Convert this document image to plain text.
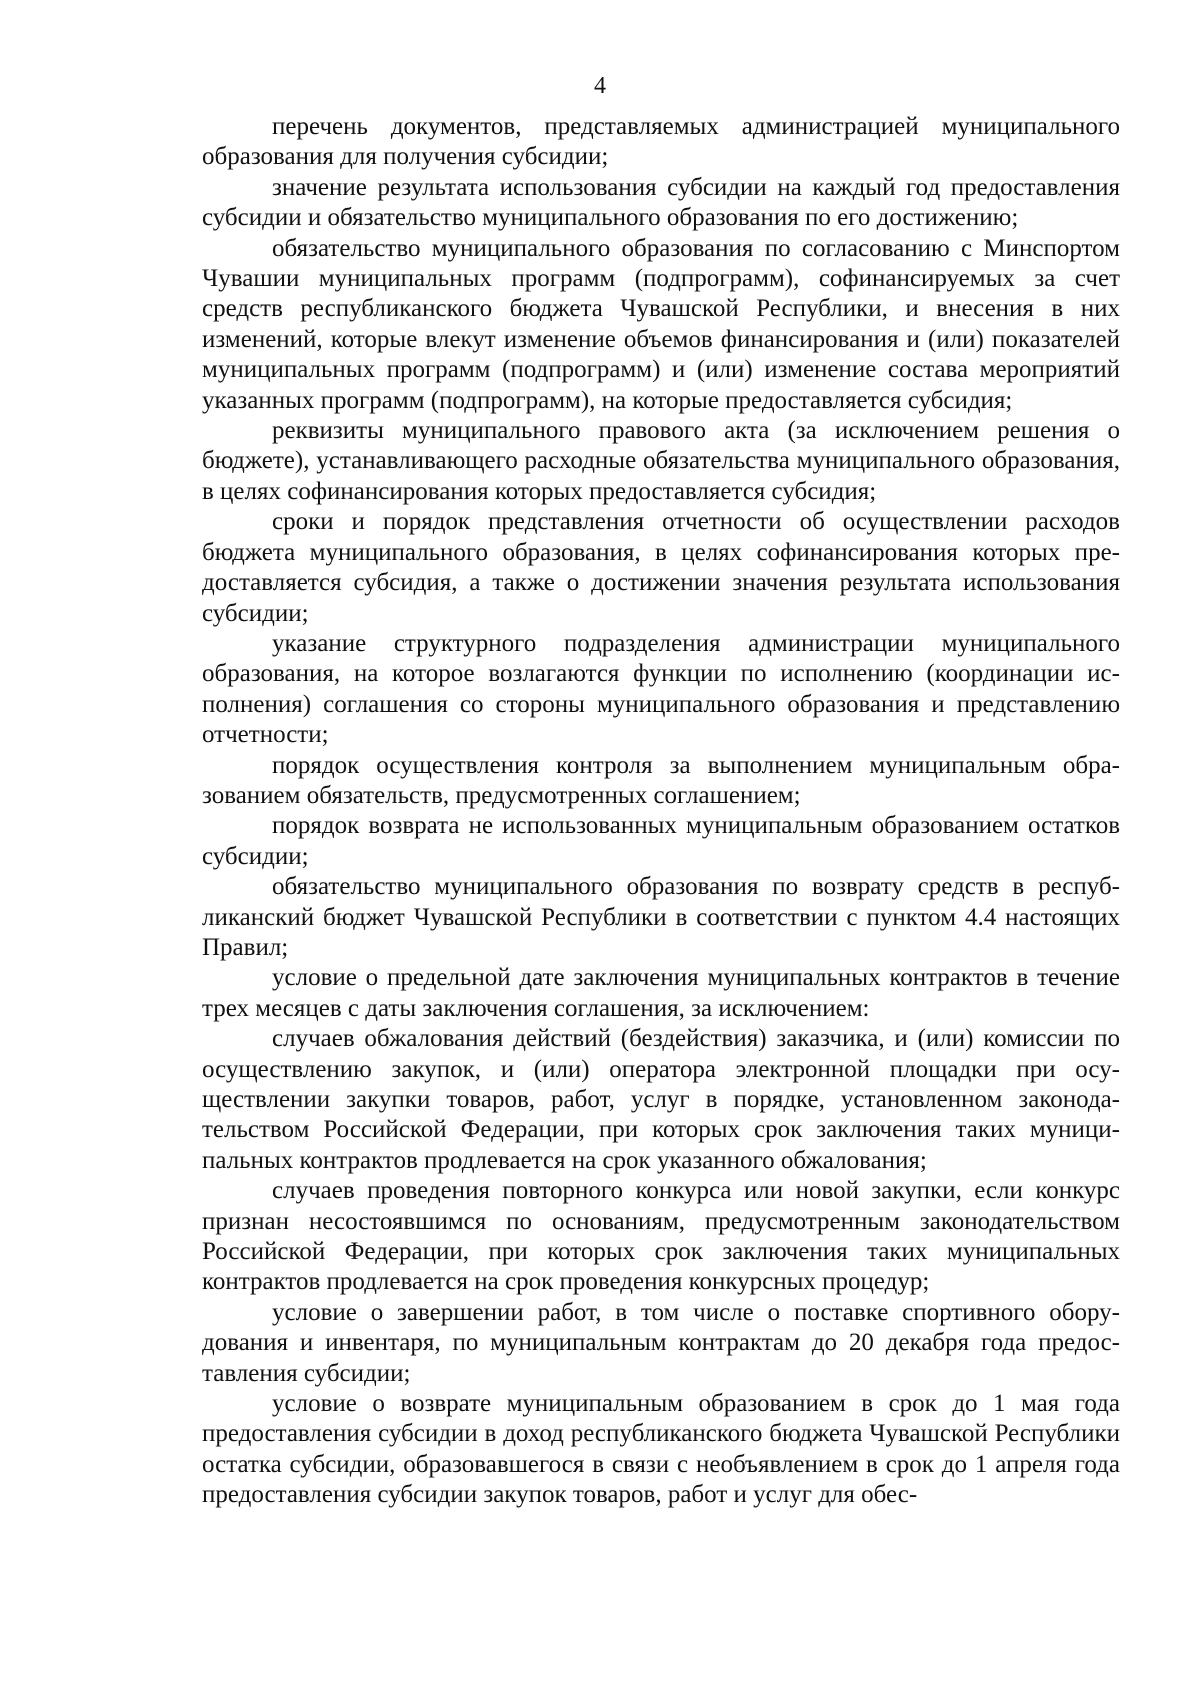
4

перечень документов, представляемых администрацией муниципального образования для получения субсидии;

значение результата использования субсидии на каждый год предоставления субсидии и обязательство муниципального образования по его достижению;

обязательство муниципального образования по согласованию с Минспортом Чувашии муниципальных программ (подпрограмм), софинансируемых за счет средств республиканского бюджета Чувашской Республики, и внесения в них изменений, которые влекут изменение объемов финансирования и (или) показателей муниципальных программ (подпрограмм) и (или) изменение состава мероприятий указанных программ (подпрограмм), на которые предоставляется субсидия;

реквизиты муниципального правового акта (за исключением решения о бюджете), устанавливающего расходные обязательства муниципального образования, в целях софинансирования которых предоставляется субсидия;

сроки и порядок представления отчетности об осуществлении расходов бюджета муниципального образования, в целях софинансирования которых предоставляется субсидия, а также о достижении значения результата использования субсидии;

указание структурного подразделения администрации муниципального образования, на которое возлагаются функции по исполнению (координации исполнения) соглашения со стороны муниципального образования и представлению отчетности;

порядок осуществления контроля за выполнением муниципальным образованием обязательств, предусмотренных соглашением;

порядок возврата не использованных муниципальным образованием остатков субсидии;

обязательство муниципального образования по возврату средств в республиканский бюджет Чувашской Республики в соответствии с пунктом 4.4 настоящих Правил;

условие о предельной дате заключения муниципальных контрактов в течение трех месяцев с даты заключения соглашения, за исключением:

случаев обжалования действий (бездействия) заказчика, и (или) комиссии по осуществлению закупок, и (или) оператора электронной площадки при осуществлении закупки товаров, работ, услуг в порядке, установленном законодательством Российской Федерации, при которых срок заключения таких муниципальных контрактов продлевается на срок указанного обжалования;

случаев проведения повторного конкурса или новой закупки, если конкурс признан несостоявшимся по основаниям, предусмотренным законодательством Российской Федерации, при которых срок заключения таких муниципальных контрактов продлевается на срок проведения конкурсных процедур;

условие о завершении работ, в том числе о поставке спортивного оборудования и инвентаря, по муниципальным контрактам до 20 декабря года предоставления субсидии;

условие о возврате муниципальным образованием в срок до 1 мая года предоставления субсидии в доход республиканского бюджета Чувашской Республики остатка субсидии, образовавшегося в связи с необъявлением в срок до 1 апреля года предоставления субсидии закупок товаров, работ и услуг для обес-
